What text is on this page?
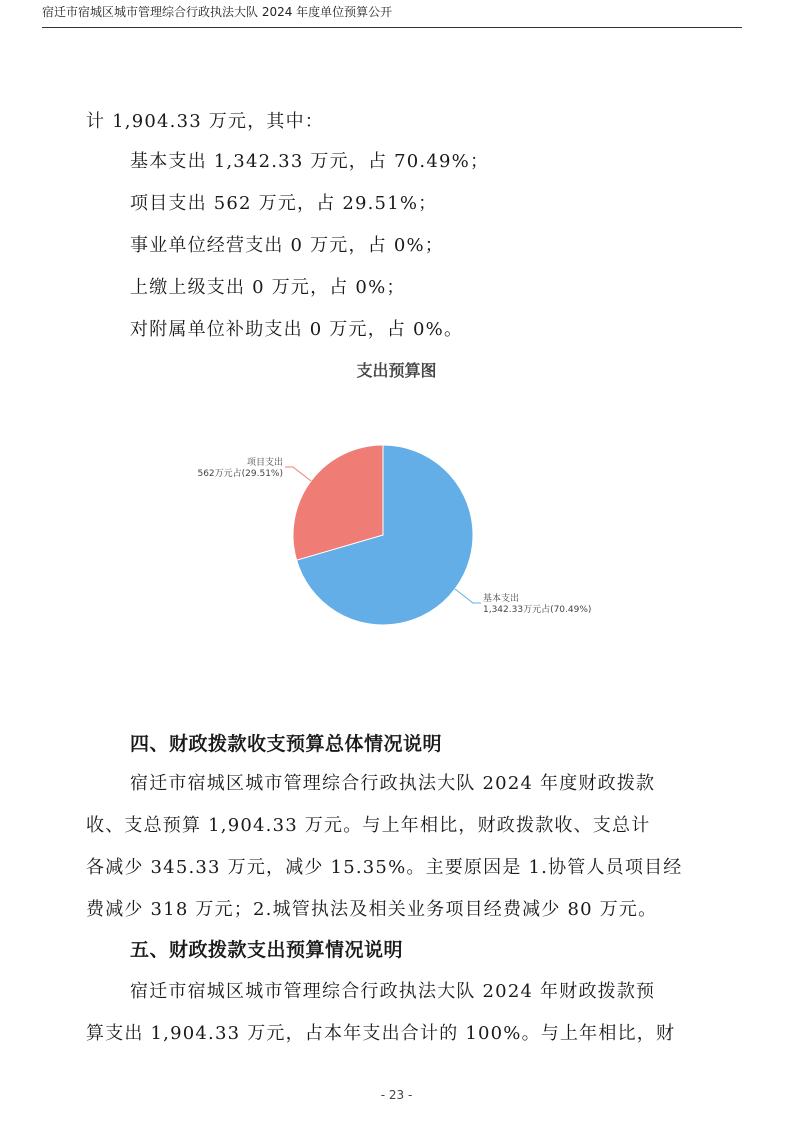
宿迁市宿城区城市管理综合行政执法大队 2024 年度单位预算公开
计 1,904.33 万元，其中：
基本支出 1,342.33 万元，占 70.49%；
项目支出 562 万元，占 29.51%；
事业单位经营支出 0 万元，占 0%；
上缴上级支出 0 万元，占 0%；
对附属单位补助支出 0 万元，占 0%。
支出预算图
基本支出
1,342.33万元占(70.49%)
项目支出
562万元占(29.51%)
四、财政拨款收支预算总体情况说明
宿迁市宿城区城市管理综合行政执法大队 2024 年度财政拨款
收、支总预算 1,904.33 万元。与上年相比，财政拨款收、支总计
各减少 345.33 万元，减少 15.35%。主要原因是 1.协管人员项目经
费减少 318 万元；2.城管执法及相关业务项目经费减少 80 万元。
五、财政拨款支出预算情况说明
宿迁市宿城区城市管理综合行政执法大队 2024 年财政拨款预
算支出 1,904.33 万元，占本年支出合计的 100%。与上年相比，财
- 23 -
